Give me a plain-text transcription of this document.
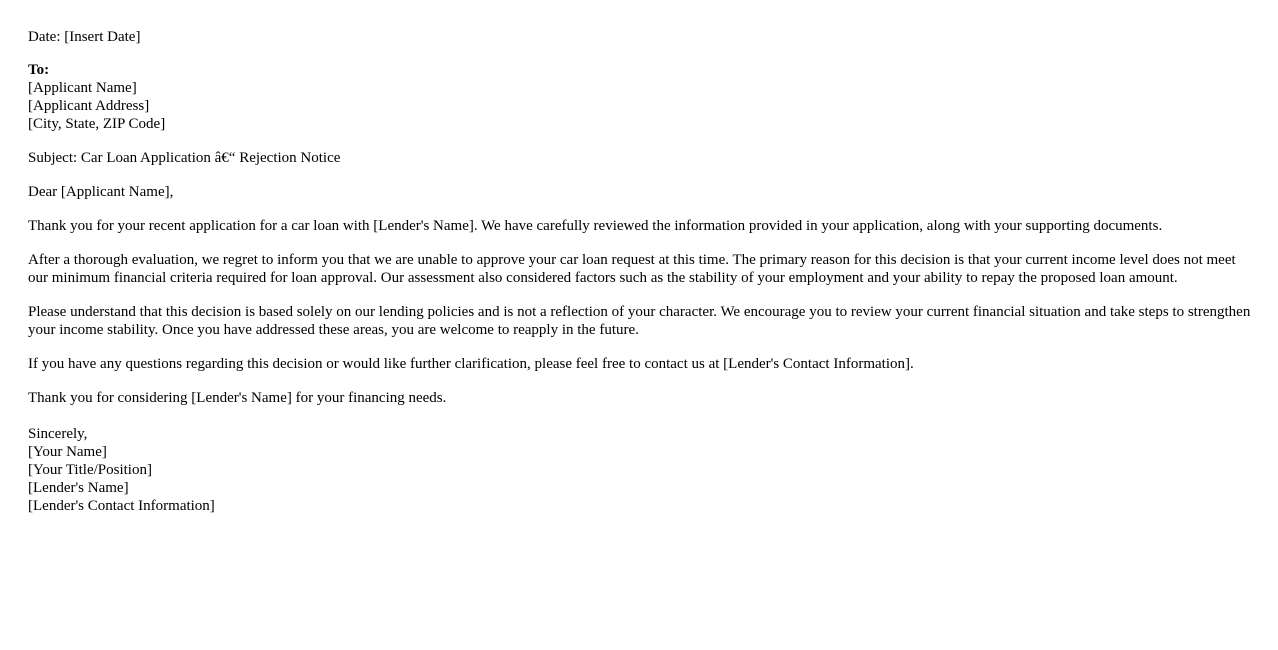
Date: [Insert Date]
To:
[Applicant Name]
[Applicant Address]
[City, State, ZIP Code]

Subject: Car Loan Application â€“ Rejection Notice

Dear [Applicant Name],

Thank you for your recent application for a car loan with [Lender's Name]. We have carefully reviewed the information provided in your application, along with your supporting documents.

After a thorough evaluation, we regret to inform you that we are unable to approve your car loan request at this time. The primary reason for this decision is that your current income level does not meet our minimum financial criteria required for loan approval. Our assessment also considered factors such as the stability of your employment and your ability to repay the proposed loan amount.

Please understand that this decision is based solely on our lending policies and is not a reflection of your character. We encourage you to review your current financial situation and take steps to strengthen your income stability. Once you have addressed these areas, you are welcome to reapply in the future.

If you have any questions regarding this decision or would like further clarification, please feel free to contact us at [Lender's Contact Information].

Thank you for considering [Lender's Name] for your financing needs.

Sincerely,
[Your Name]
[Your Title/Position]
[Lender's Name]
[Lender's Contact Information]
